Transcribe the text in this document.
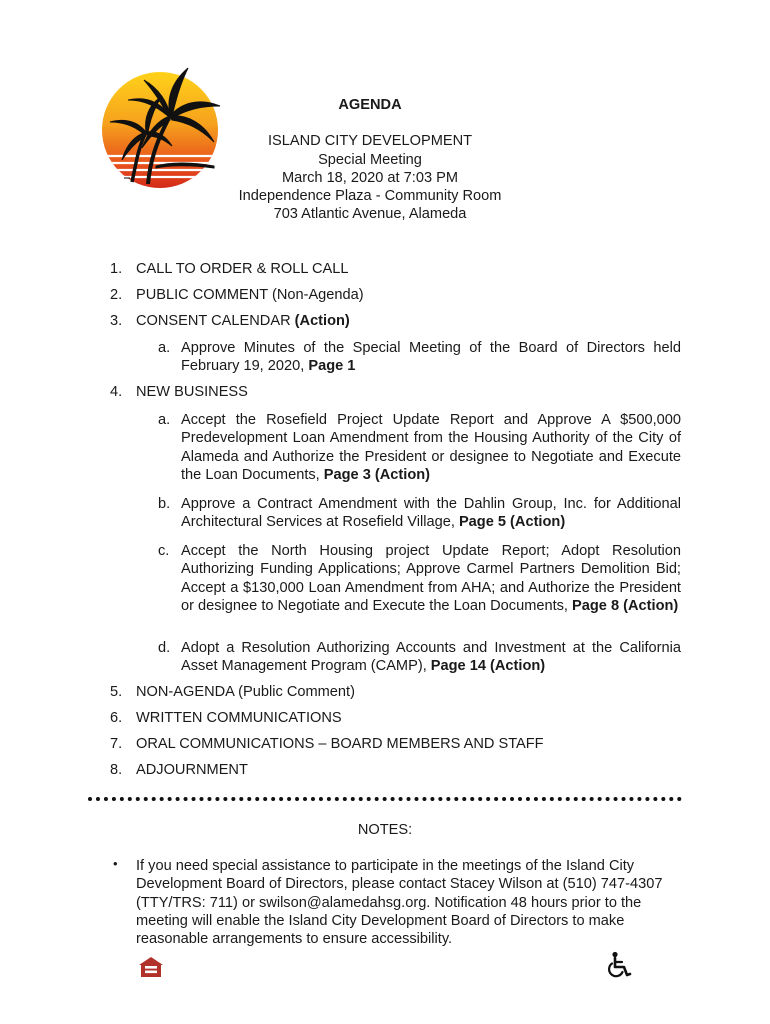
AGENDA
ISLAND CITY DEVELOPMENT
Special Meeting
March 18, 2020 at 7:03 PM
Independence Plaza - Community Room
703 Atlantic Avenue, Alameda
1. CALL TO ORDER & ROLL CALL
2. PUBLIC COMMENT (Non-Agenda)
3. CONSENT CALENDAR (Action)
a. Approve Minutes of the Special Meeting of the Board of Directors held February 19, 2020, Page 1
4. NEW BUSINESS
a. Accept the Rosefield Project Update Report and Approve A $500,000 Predevelopment Loan Amendment from the Housing Authority of the City of Alameda and Authorize the President or designee to Negotiate and Execute the Loan Documents, Page 3 (Action)
b. Approve a Contract Amendment with the Dahlin Group, Inc. for Additional Architectural Services at Rosefield Village, Page 5 (Action)
c. Accept the North Housing project Update Report; Adopt Resolution Authorizing Funding Applications; Approve Carmel Partners Demolition Bid; Accept a $130,000 Loan Amendment from AHA; and Authorize the President or designee to Negotiate and Execute the Loan Documents, Page 8 (Action)
d. Adopt a Resolution Authorizing Accounts and Investment at the California Asset Management Program (CAMP), Page 14 (Action)
5. NON-AGENDA (Public Comment)
6. WRITTEN COMMUNICATIONS
7. ORAL COMMUNICATIONS – BOARD MEMBERS AND STAFF
8. ADJOURNMENT
NOTES:
• If you need special assistance to participate in the meetings of the Island City Development Board of Directors, please contact Stacey Wilson at (510) 747-4307 (TTY/TRS: 711) or swilson@alamedahsg.org. Notification 48 hours prior to the meeting will enable the Island City Development Board of Directors to make reasonable arrangements to ensure accessibility.
